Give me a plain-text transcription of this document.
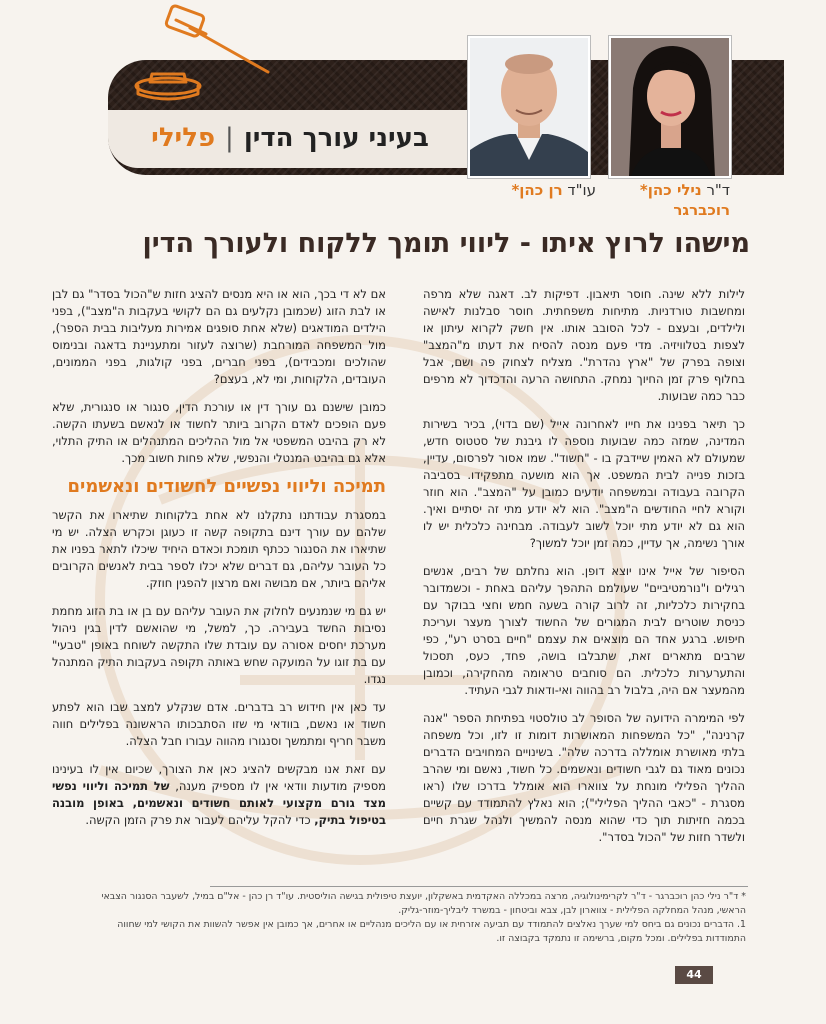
בעיני עורך הדין
|
פלילי
עו"ד רן כהן*	ד"ר נילי כהן*
רוכברגר
מישהו לרוץ איתו - ליווי תומך ללקוח ולעורך הדין

לילות ללא שינה. חוסר תיאבון. דפיקות לב. דאגה שלא מרפה ומחשבות טורדניות. מתיחות משפחתית. חוסר סבלנות לאישה ולילדים, ובעצם - לכל הסובב אותו. אין חשק לקרוא עיתון או לצפות בטלוויזיה. מדי פעם מנסה להסיח את דעתו מ"המצב" וצופה בפרק של "ארץ נהדרת". מצליח לצחוק פה ושם, אבל בחלוף פרק זמן החיוך נמחק. התחושה הרעה והדכדוך לא מרפים כבר כמה שבועות.

כך תיאר בפנינו את חייו לאחרונה אייל (שם בדוי), בכיר בשירות המדינה, שמזה כמה שבועות נוספה לו גיבנת של סטטוס חדש, שמעולם לא האמין שיידבק בו - "חשוד". שמו אסור לפרסום, עדיין, בזכות פנייה לבית המשפט. אך הוא מושעה מתפקידו. בסביבה הקרובה בעבודה ובמשפחה יודעים כמובן על "המצב". הוא חוזר וקורא לחיי החודשים ה"מצב". הוא לא יודע מתי זה יסתיים ואיך. הוא גם לא יודע מתי יוכל לשוב לעבודה. מבחינה כלכלית יש לו אורך נשימה, אך עדיין, כמה זמן יוכל למשוך?

הסיפור של אייל אינו יוצא דופן. הוא נחלתם של רבים, אנשים רגילים ו"נורמטיביים" שעולמם התהפך עליהם באחת - וכשמדובר בחקירות כלכליות, זה לרוב קורה בשעה חמש וחצי בבוקר עם כניסת שוטרים לבית המגורים של החשוד לצורך מעצר ועריכת חיפוש. ברגע אחד הם מוצאים את עצמם "חיים בסרט רע", כפי שרבים מתארים זאת, שתבלבו בושה, פחד, כעס, תסכול והתערערות כלכלית. הם סוחבים טראומה מהחקירה, וכמובן מהמעצר אם היה, בלבול רב בהווה ואי-ודאות לגבי העתיד.

לפי המימרה הידועה של הסופר לב טולסטוי בפתיחת הספר "אנה קרנינה", "כל המשפחות המאושרות דומות זו לזו, וכל משפחה בלתי מאושרת אומללה בדרכה שלה". בשינויים המחויבים הדברים נכונים מאוד גם לגבי חשודים ונאשמים. כל חשוד, נאשם ומי שהרב ההליך הפלילי מונחת על צווארו הוא אומלל בדרכו שלו (ראו מסגרת - "כאבי ההליך הפלילי"); הוא נאלץ להתמודד עם קשיים בכמה חזיתות תוך כדי שהוא מנסה להמשיך ולנהל שגרת חיים ולשדר חזות של "הכול בסדר".

אם לא די בכך, הוא או היא מנסים להציג חזות ש"הכול בסדר" גם לבן או לבת הזוג (שכמובן נקלעים גם הם לקושי בעקבות ה"מצב"), בפני הילדים המודאגים (שלא אחת סופגים אמירות מעליבות בבית הספר), מול המשפחה המורחבת (שרוצה לעזור ומתעניינת בדאגה ובנימוס שהולכים ומכבידים), בפני חברים, בפני קולגות, בפני הממונים, העובדים, הלקוחות, ומי לא, בעצם?

כמובן שישנם גם עורך דין או עורכת הדין, סנגור או סנגורית, שלא פעם הופכים לאדם הקרוב ביותר לחשוד או לנאשם בשעתו הקשה. לא רק בהיבט המשפטי אל מול ההליכים המתנהלים או התיק התלוי, אלא גם בהיבט המנטלי והנפשי, שלא פחות חשוב מכך.

תמיכה וליווי נפשיים לחשודים ונאשמים

במסגרת עבודתנו נתקלנו לא אחת בלקוחות שתיארו את הקשר שלהם עם עורך דינם בתקופה קשה זו כעוגן וכקרש הצלה. יש מי שתיארו את הסנגור ככתף תומכת וכאדם היחיד שיכלו לתאר בפניו את כל העובר עליהם, גם דברים שלא יכלו לספר בבית לאנשים הקרובים אליהם ביותר, אם מבושה ואם מרצון להפגין חוזק.

יש גם מי שנמנעים לחלוק את העובר עליהם עם בן או בת הזוג מחמת נסיבות החשד בעבירה. כך, למשל, מי שהואשם לדין בגין ניהול מערכת יחסים אסורה עם עובדת שלו התקשה לשוחח באופן "טבעי" עם בת זוגו על המועקה שחש באותה תקופה בעקבות התיק המתנהל נגדו.

עד כאן אין חידוש רב בדברים. אדם שנקלע למצב שבו הוא לפתע חשוד או נאשם, בוודאי מי שזו הסתבכותו הראשונה בפלילים חווה משבר חריף ומתמשך וסנגורו מהווה עבורו חבל הצלה.

עם זאת אנו מבקשים להציג כאן את הצורך, שכיום אין לו בעינינו מספיק מודעות וודאי אין לו מספיק מענה, של תמיכה וליווי נפשי מצד גורם מקצועי לאותם חשודים ונאשמים, באופן מובנה בטיפול בתיק, כדי להקל עליהם לעבור את פרק הזמן הקשה.

* ד"ר נילי כהן רוכברגר - ד"ר לקרימינולוגיה, מרצה במכללה האקדמית באשקלון, יועצת טיפולית בגישה הוליסטית. עו"ד רן כהן - אל"ם במיל, לשעבר הסנגור הצבאי הראשי, מנהל המחלקה הפלילית - צווארון לבן, צבא וביטחון - במשרד ליבליך-מוזר-גליק.

1. הדברים נכונים גם ביחס למי שערך נאלצים להתמודד עם תביעה אזרחית או עם הליכים מנהליים או אחרים, אך כמובן אין אפשר להשוות את הקושי למי שחווה התמודדות בפלילים. ומכל מקום, ברשימה זו נתמקד בקבוצה זו.

44
